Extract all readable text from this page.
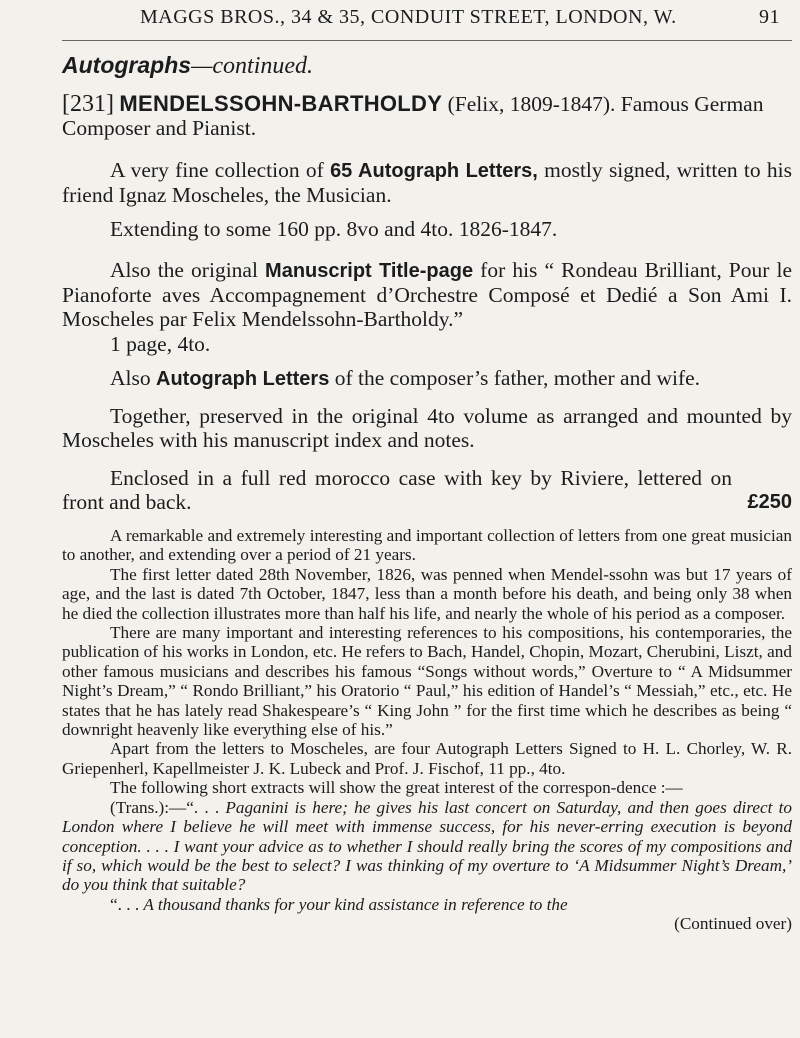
MAGGS BROS., 34 & 35, CONDUIT STREET, LONDON, W.	91
Autographs—continued.
[231] MENDELSSOHN-BARTHOLDY (Felix, 1809-1847). Famous German Composer and Pianist.
A very fine collection of 65 Autograph Letters, mostly signed, written to his friend Ignaz Moscheles, the Musician.
Extending to some 160 pp. 8vo and 4to. 1826-1847.
Also the original Manuscript Title-page for his “ Rondeau Brilliant, Pour le Pianoforte aves Accompagnement d’Orchestre Composé et Dedié a Son Ami I. Moscheles par Felix Mendelssohn-Bartholdy.”
1 page, 4to.
Also Autograph Letters of the composer’s father, mother and wife.
Together, preserved in the original 4to volume as arranged and mounted by Moscheles with his manuscript index and notes.
Enclosed in a full red morocco case with key by Riviere, lettered on front and back.	£250

A remarkable and extremely interesting and important collection of letters from one great musician to another, and extending over a period of 21 years.

The first letter dated 28th November, 1826, was penned when Mendel-ssohn was but 17 years of age, and the last is dated 7th October, 1847, less than a month before his death, and being only 38 when he died the collection illustrates more than half his life, and nearly the whole of his period as a composer.

There are many important and interesting references to his compositions, his contemporaries, the publication of his works in London, etc. He refers to Bach, Handel, Chopin, Mozart, Cherubini, Liszt, and other famous musicians and describes his famous “Songs without words,” Overture to “ A Midsummer Night’s Dream,” “ Rondo Brilliant,” his Oratorio “ Paul,” his edition of Handel’s “ Messiah,” etc., etc. He states that he has lately read Shakespeare’s “ King John ” for the first time which he describes as being “ downright heavenly like everything else of his.”

Apart from the letters to Moscheles, are four Autograph Letters Signed to H. L. Chorley, W. R. Griepenherl, Kapellmeister J. K. Lubeck and Prof. J. Fischof, 11 pp., 4to.

The following short extracts will show the great interest of the correspon-dence :—

(Trans.):—“. . . Paganini is here; he gives his last concert on Saturday, and then goes direct to London where I believe he will meet with immense success, for his never-erring execution is beyond conception. . . . I want your advice as to whether I should really bring the scores of my compositions and if so, which would be the best to select? I was thinking of my overture to ‘A Midsummer Night’s Dream,’ do you think that suitable?

“. . . A thousand thanks for your kind assistance in reference to the

(Continued over)
